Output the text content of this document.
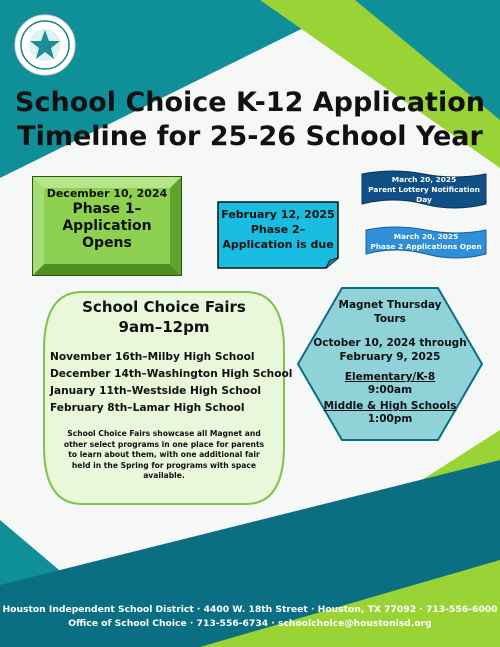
School Choice K-12 Application
Timeline for 25-26 School Year
December 10, 2024
Phase 1–
Application
Opens
February 12, 2025
Phase 2–
Application is due
March 20, 2025
Parent Lottery Notification
Day
March 20, 2025
Phase 2 Applications Open
School Choice Fairs
9am–12pm
November 16th–Milby High School
December 14th–Washington High School
January 11th–Westside High School
February 8th–Lamar High School
School Choice Fairs showcase all Magnet and
other select programs in one place for parents
to learn about them, with one additional fair
held in the Spring for programs with space
available.
Magnet Thursday
Tours
October 10, 2024 through
February 9, 2025
Elementary/K-8
9:00am
Middle & High Schools
1:00pm
Houston Independent School District · 4400 W. 18th Street · Houston, TX 77092 · 713-556-6000
Office of School Choice · 713-556-6734 · schoolchoice@houstonisd.org
